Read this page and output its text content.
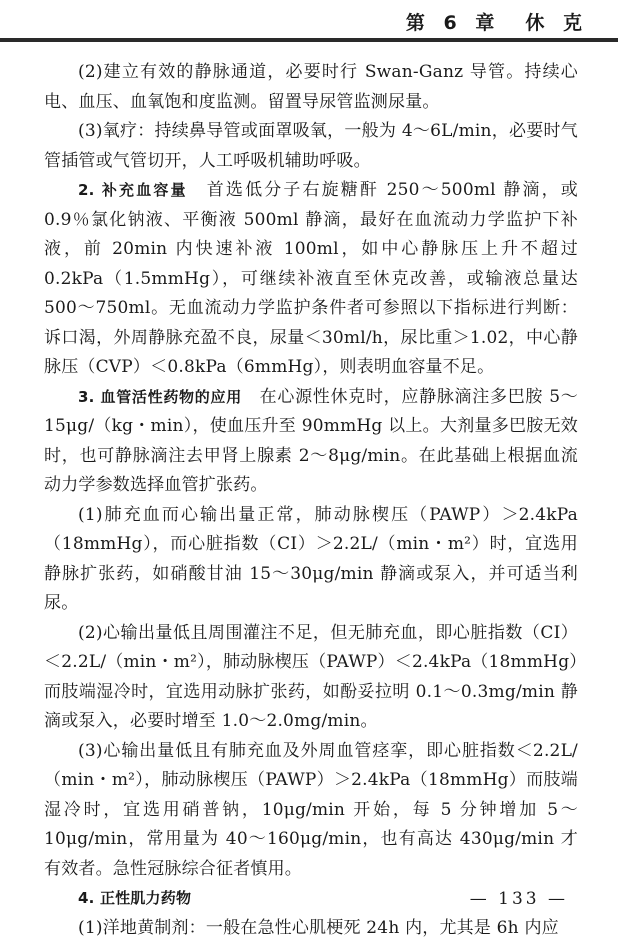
第 6 章　休 克

(2)建立有效的静脉通道，必要时行 Swan-Ganz 导管。持续心电、血压、血氧饱和度监测。留置导尿管监测尿量。

(3)氧疗：持续鼻导管或面罩吸氧，一般为 4～6L/min，必要时气管插管或气管切开，人工呼吸机辅助呼吸。

2. 补充血容量　首选低分子右旋糖酐 250～500ml 静滴，或 0.9％氯化钠液、平衡液 500ml 静滴，最好在血流动力学监护下补液，前 20min 内快速补液 100ml，如中心静脉压上升不超过 0.2kPa（1.5mmHg），可继续补液直至休克改善，或输液总量达 500～750ml。无血流动力学监护条件者可参照以下指标进行判断：诉口渴，外周静脉充盈不良，尿量＜30ml/h，尿比重＞1.02，中心静脉压（CVP）＜0.8kPa（6mmHg），则表明血容量不足。

3. 血管活性药物的应用　在心源性休克时，应静脉滴注多巴胺 5～15μg/（kg・min），使血压升至 90mmHg 以上。大剂量多巴胺无效时，也可静脉滴注去甲肾上腺素 2～8μg/min。在此基础上根据血流动力学参数选择血管扩张药。

(1)肺充血而心输出量正常，肺动脉楔压（PAWP）＞2.4kPa（18mmHg），而心脏指数（CI）＞2.2L/（min・m²）时，宜选用静脉扩张药，如硝酸甘油 15～30μg/min 静滴或泵入，并可适当利尿。

(2)心输出量低且周围灌注不足，但无肺充血，即心脏指数（CI）＜2.2L/（min・m²），肺动脉楔压（PAWP）＜2.4kPa（18mmHg）而肢端湿冷时，宜选用动脉扩张药，如酚妥拉明 0.1～0.3mg/min 静滴或泵入，必要时增至 1.0～2.0mg/min。

(3)心输出量低且有肺充血及外周血管痉挛，即心脏指数＜2.2L/（min・m²），肺动脉楔压（PAWP）＞2.4kPa（18mmHg）而肢端湿冷时，宜选用硝普钠，10μg/min 开始，每 5 分钟增加 5～10μg/min，常用量为 40～160μg/min，也有高达 430μg/min 才有效者。急性冠脉综合征者慎用。

4. 正性肌力药物

(1)洋地黄制剂：一般在急性心肌梗死 24h 内，尤其是 6h 内应

— 133 —
